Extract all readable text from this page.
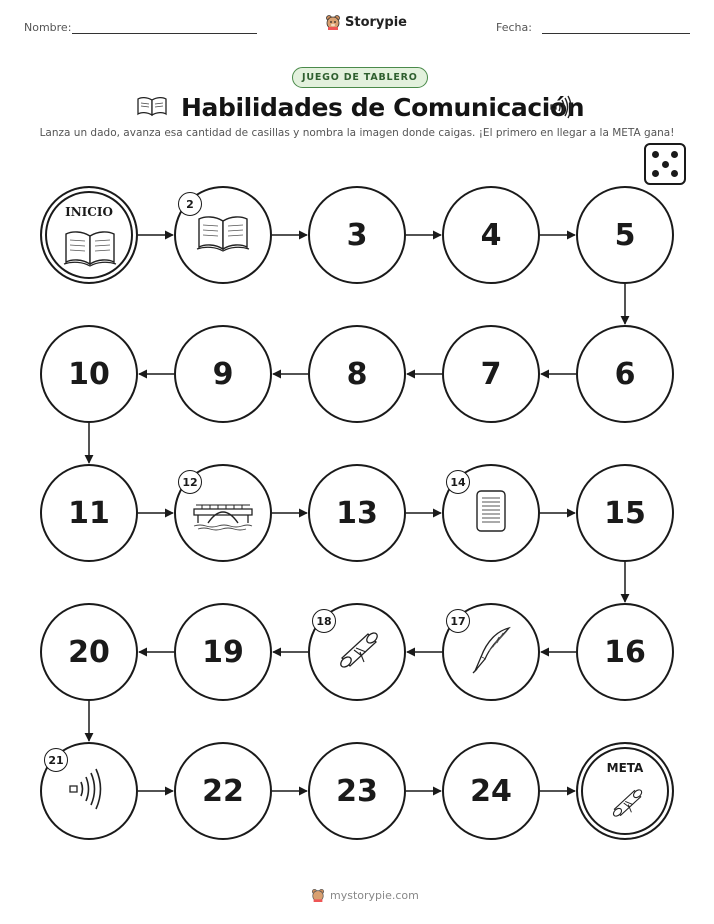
Nombre:	Storypie	Fecha:
JUEGO DE TABLERO
Habilidades de Comunicación
Lanza un dado, avanza esa cantidad de casillas y nombra la imagen donde caigas. ¡El primero en llegar a la META gana!
INICIO
2
3	4	5
6
7
8
9
10
11
12
13
14
15
16
17
18
19
20
21
22	23	24
META
mystorypie.com
